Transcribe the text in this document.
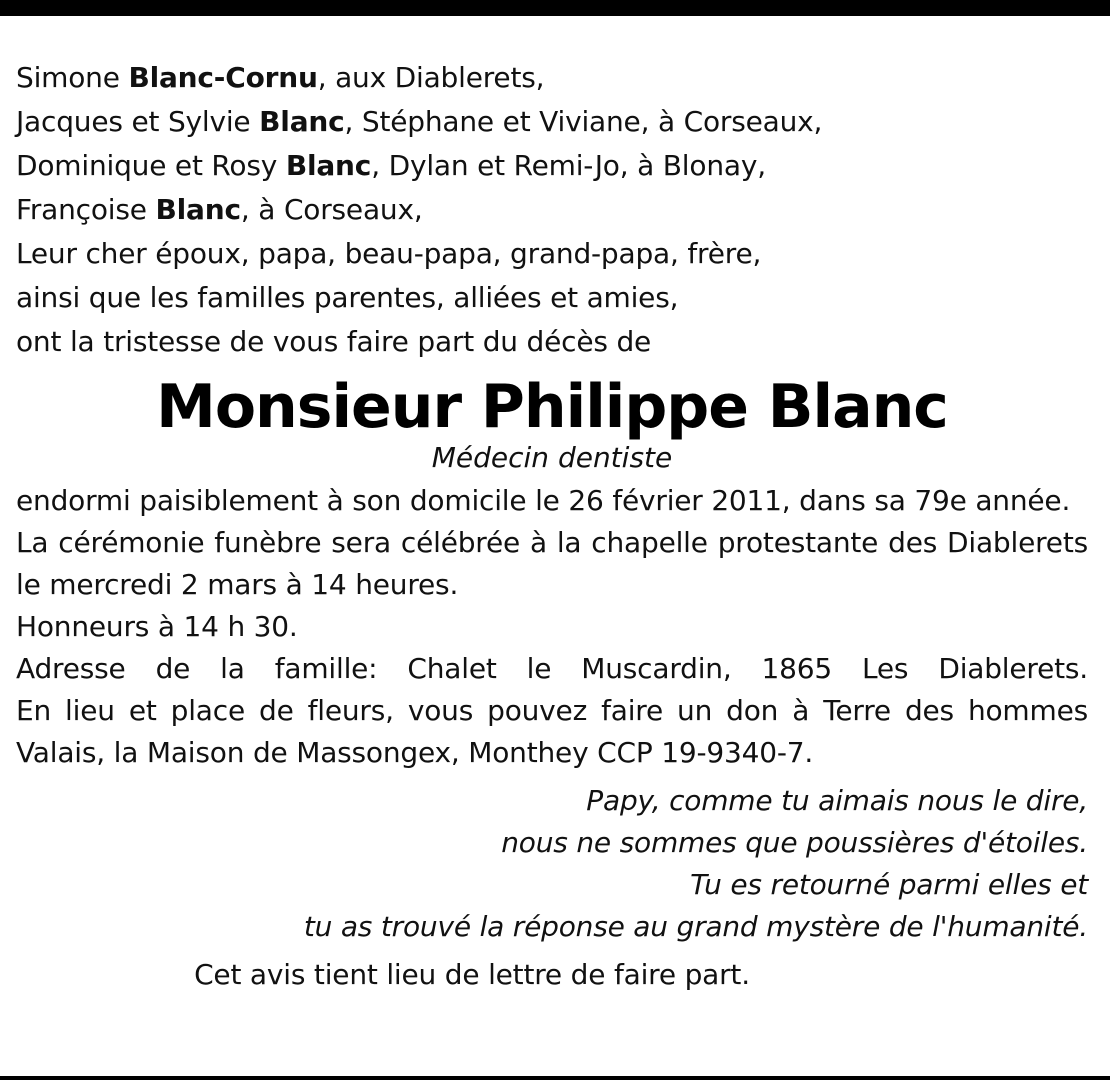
Simone Blanc-Cornu, aux Diablerets,
Jacques et Sylvie Blanc, Stéphane et Viviane, à Corseaux,
Dominique et Rosy Blanc, Dylan et Remi-Jo, à Blonay,
Françoise Blanc, à Corseaux,
Leur cher époux, papa, beau-papa, grand-papa, frère,
ainsi que les familles parentes, alliées et amies,
ont la tristesse de vous faire part du décès de
Monsieur Philippe Blanc
Médecin dentiste
endormi paisiblement à son domicile le 26 février 2011, dans sa 79e année.
La cérémonie funèbre sera célébrée à la chapelle protestante des Diablerets le mercredi 2 mars à 14 heures.
Honneurs à 14 h 30.
Adresse de la famille: Chalet le Muscardin, 1865 Les Diablerets.
En lieu et place de fleurs, vous pouvez faire un don à Terre des hommes Valais, la Maison de Massongex, Monthey CCP 19-9340-7.
Papy, comme tu aimais nous le dire,
nous ne sommes que poussières d'étoiles.
Tu es retourné parmi elles et
tu as trouvé la réponse au grand mystère de l'humanité.
Cet avis tient lieu de lettre de faire part.
